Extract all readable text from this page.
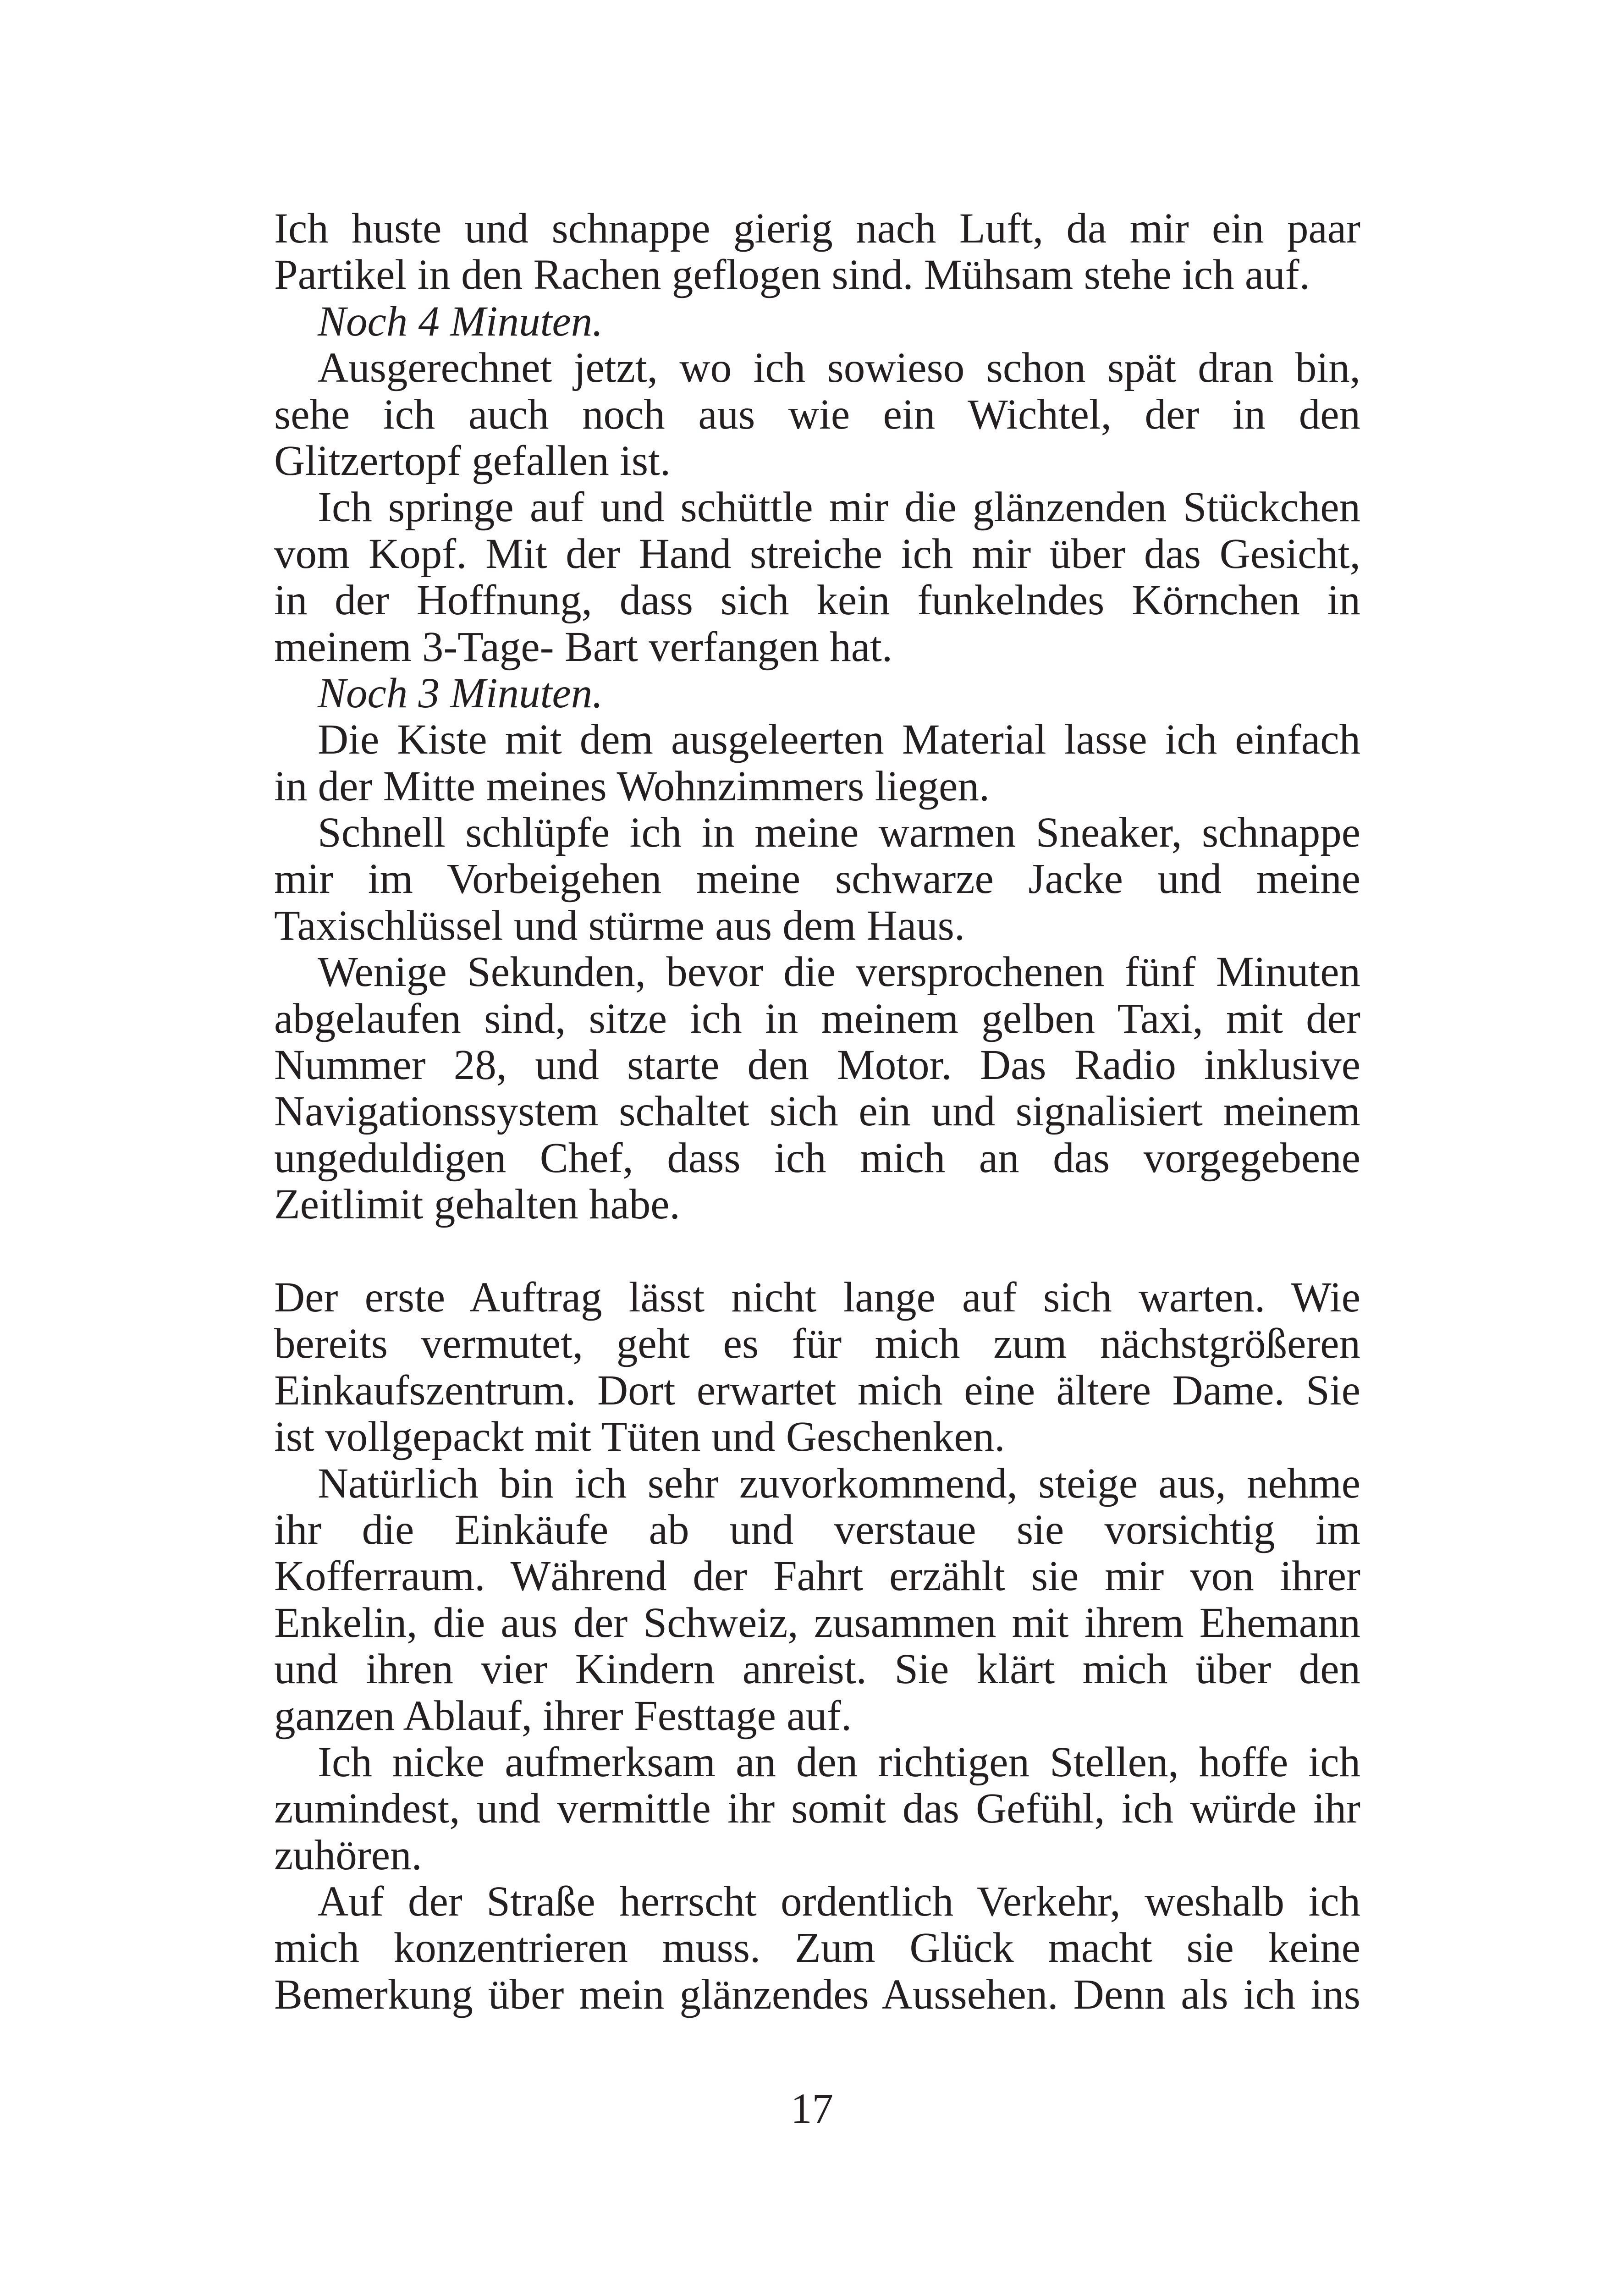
Ich huste und schnappe gierig nach Luft, da mir ein paar
Partikel in den Rachen geflogen sind. Mühsam stehe ich auf.
Noch 4 Minuten.
Ausgerechnet jetzt, wo ich sowieso schon spät dran bin,
sehe ich auch noch aus wie ein Wichtel, der in den
Glitzertopf gefallen ist.
Ich springe auf und schüttle mir die glänzenden Stückchen
vom Kopf. Mit der Hand streiche ich mir über das Gesicht,
in der Hoffnung, dass sich kein funkelndes Körnchen in
meinem 3-Tage- Bart verfangen hat.
Noch 3 Minuten.
Die Kiste mit dem ausgeleerten Material lasse ich einfach
in der Mitte meines Wohnzimmers liegen.
Schnell schlüpfe ich in meine warmen Sneaker, schnappe
mir im Vorbeigehen meine schwarze Jacke und meine
Taxischlüssel und stürme aus dem Haus.
Wenige Sekunden, bevor die versprochenen fünf Minuten
abgelaufen sind, sitze ich in meinem gelben Taxi, mit der
Nummer 28, und starte den Motor. Das Radio inklusive
Navigationssystem schaltet sich ein und signalisiert meinem
ungeduldigen Chef, dass ich mich an das vorgegebene
Zeitlimit gehalten habe.
Der erste Auftrag lässt nicht lange auf sich warten. Wie
bereits vermutet, geht es für mich zum nächstgrößeren
Einkaufszentrum. Dort erwartet mich eine ältere Dame. Sie
ist vollgepackt mit Tüten und Geschenken.
Natürlich bin ich sehr zuvorkommend, steige aus, nehme
ihr die Einkäufe ab und verstaue sie vorsichtig im
Kofferraum. Während der Fahrt erzählt sie mir von ihrer
Enkelin, die aus der Schweiz, zusammen mit ihrem Ehemann
und ihren vier Kindern anreist. Sie klärt mich über den
ganzen Ablauf, ihrer Festtage auf.
Ich nicke aufmerksam an den richtigen Stellen, hoffe ich
zumindest, und vermittle ihr somit das Gefühl, ich würde ihr
zuhören.
Auf der Straße herrscht ordentlich Verkehr, weshalb ich
mich konzentrieren muss. Zum Glück macht sie keine
Bemerkung über mein glänzendes Aussehen. Denn als ich ins
17
